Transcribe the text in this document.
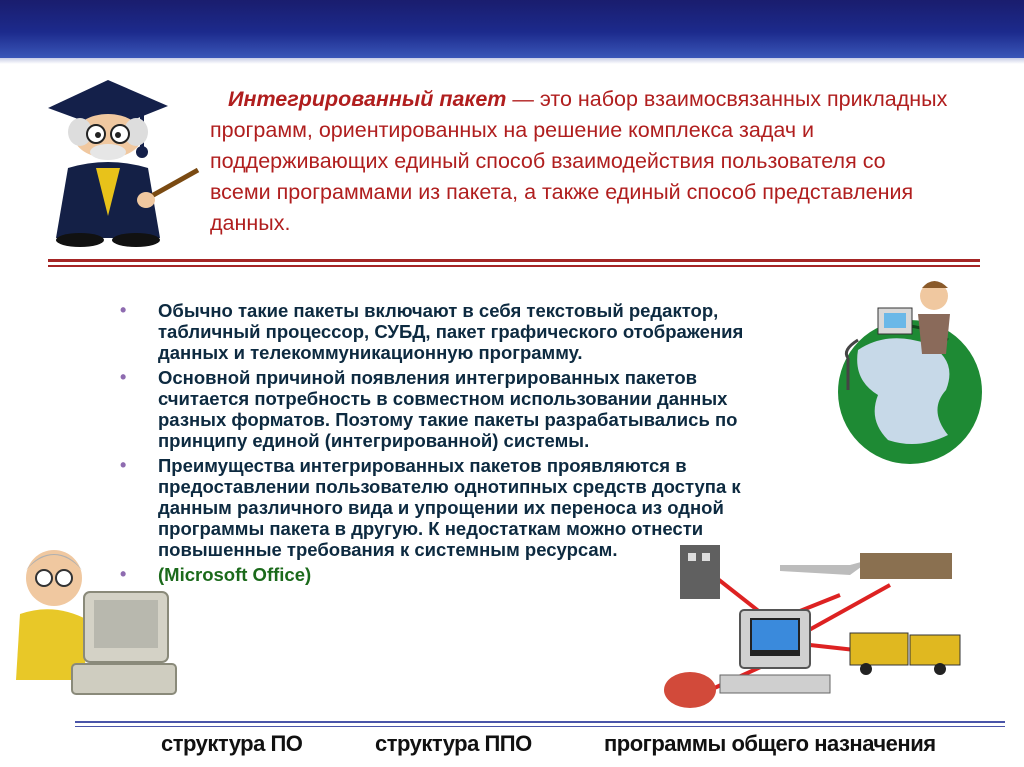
Интегрированный пакет — это набор взаимосвязанных прикладных программ, ориентированных на решение комплекса задач и поддерживающих единый способ взаимодействия пользователя со всеми программами из пакета, а также единый способ представления данных.
• Обычно такие пакеты включают в себя текстовый редактор, табличный процессор, СУБД, пакет графического отображения данных и телекоммуникационную программу.
• Основной причиной появления интегрированных пакетов считается потребность в совместном использовании данных разных форматов. Поэтому такие пакеты разрабатывались по принципу единой (интегрированной) системы.
• Преимущества интегрированных пакетов проявляются в предоставлении пользователю однотипных средств доступа к данным различного вида и упрощении их переноса из одной программы пакета в другую. К недостаткам можно отнести повышенные требования к системным ресурсам.
• (Microsoft Office)
структура ПО	структура ППО	программы общего назначения
